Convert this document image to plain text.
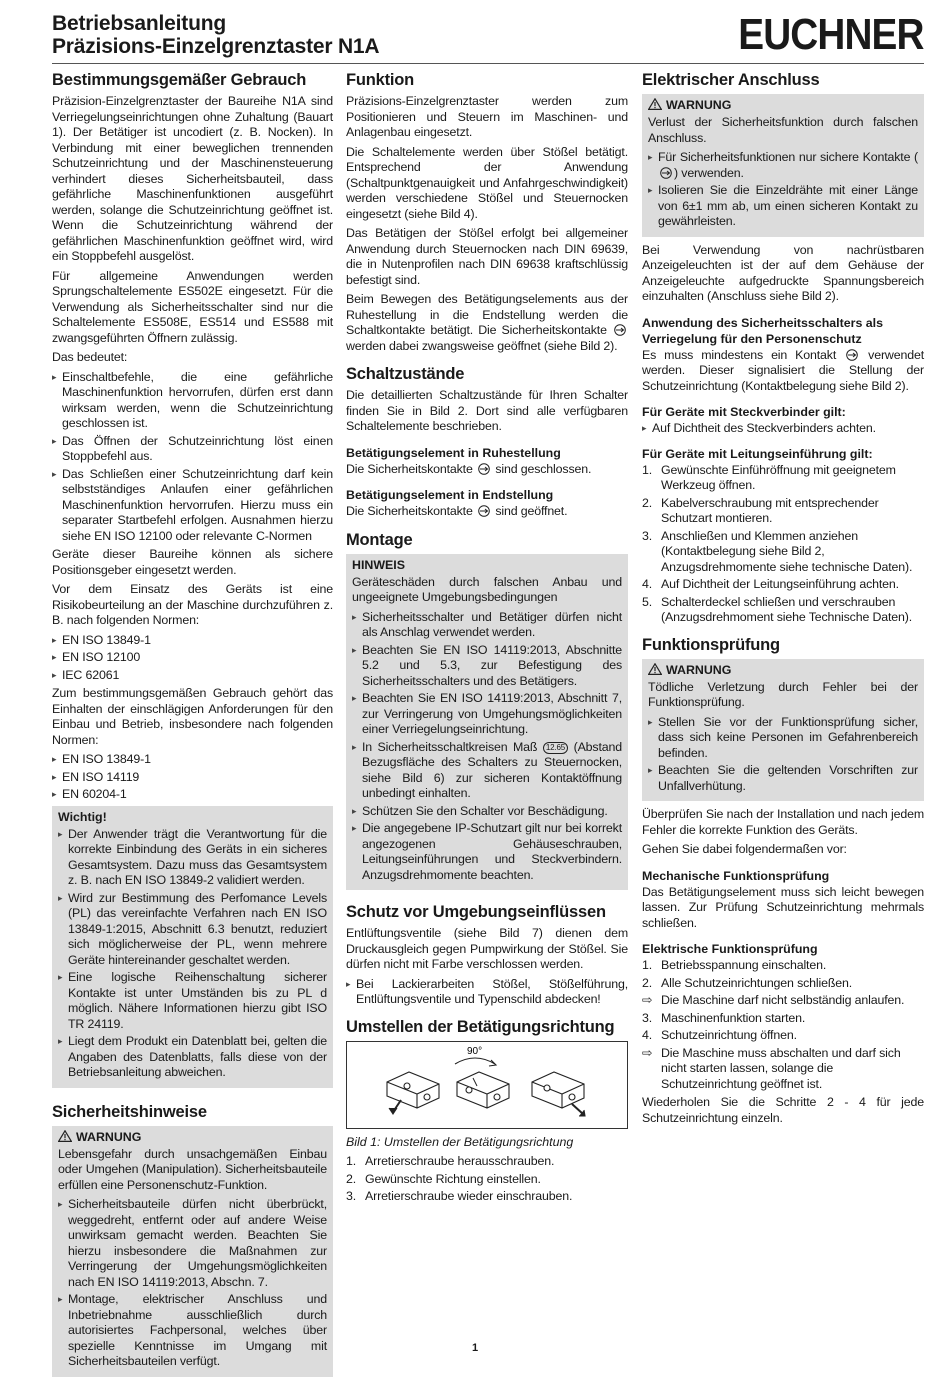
Betriebsanleitung
Präzisions-Einzelgrenztaster N1A	EUCHNER
Bestimmungsgemäßer Gebrauch

Präzision-Einzelgrenztaster der Baureihe N1A sind Verriegelungseinrichtungen ohne Zuhaltung (Bauart 1). Der Betätiger ist uncodiert (z. B. Nocken). In Verbindung mit einer beweglichen trennenden Schutzeinrichtung und der Maschinensteuerung verhindert dieses Sicherheitsbauteil, dass gefährliche Maschinenfunktionen ausgeführt werden, solange die Schutzeinrichtung geöffnet ist. Wenn die Schutzeinrichtung während der gefährlichen Maschinenfunktion geöffnet wird, wird ein Stoppbefehl ausgelöst.

Für allgemeine Anwendungen werden Sprungschaltelemente ES502E eingesetzt. Für die Verwendung als Sicherheitsschalter sind nur die Schaltelemente ES508E, ES514 und ES588 mit zwangsgeführten Öffnern zulässig.

Das bedeutet:

▸ Einschaltbefehle, die eine gefährliche Maschinenfunktion hervorrufen, dürfen erst dann wirksam werden, wenn die Schutzeinrichtung geschlossen ist.
▸ Das Öffnen der Schutzeinrichtung löst einen Stoppbefehl aus.
▸ Das Schließen einer Schutzeinrichtung darf kein selbstständiges Anlaufen einer gefährlichen Maschinenfunktion hervorrufen. Hierzu muss ein separater Startbefehl erfolgen. Ausnahmen hierzu siehe EN ISO 12100 oder relevante C-Normen

Geräte dieser Baureihe können als sichere Positionsgeber eingesetzt werden.

Vor dem Einsatz des Geräts ist eine Risikobeurteilung an der Maschine durchzuführen z. B. nach folgenden Normen:

▸ EN ISO 13849-1
▸ EN ISO 12100
▸ IEC 62061

Zum bestimmungsgemäßen Gebrauch gehört das Einhalten der einschlägigen Anforderungen für den Einbau und Betrieb, insbesondere nach folgenden Normen:

▸ EN ISO 13849-1
▸ EN ISO 14119
▸ EN 60204-1
Wichtig!
▸ Der Anwender trägt die Verantwortung für die korrekte Einbindung des Geräts in ein sicheres Gesamtsystem. Dazu muss das Gesamtsystem z. B. nach EN ISO 13849-2 validiert werden.
▸ Wird zur Bestimmung des Perfomance Levels (PL) das vereinfachte Verfahren nach EN ISO 13849-1:2015, Abschnitt 6.3 benutzt, reduziert sich möglicherweise der PL, wenn mehrere Geräte hintereinander geschaltet werden.
▸ Eine logische Reihenschaltung sicherer Kontakte ist unter Umständen bis zu PL d möglich. Nähere Informationen hierzu gibt ISO TR 24119.
▸ Liegt dem Produkt ein Datenblatt bei, gelten die Angaben des Datenblatts, falls diese von der Betriebsanleitung abweichen.
Sicherheitshinweise
WARNUNG

Lebensgefahr durch unsachgemäßen Einbau oder Umgehen (Manipulation). Sicherheitsbauteile erfüllen eine Personenschutz-Funktion.

▸ Sicherheitsbauteile dürfen nicht überbrückt, weggedreht, entfernt oder auf andere Weise unwirksam gemacht werden. Beachten Sie hierzu insbesondere die Maßnahmen zur Verringerung der Umgehungsmöglichkeiten nach EN ISO 14119:2013, Abschn. 7.
▸ Montage, elektrischer Anschluss und Inbetriebnahme ausschließlich durch autorisiertes Fachpersonal, welches über spezielle Kenntnisse im Umgang mit Sicherheitsbauteilen verfügt.
Funktion

Präzisions-Einzelgrenztaster werden zum Positionieren und Steuern im Maschinen- und Anlagenbau eingesetzt.

Die Schaltelemente werden über Stößel betätigt. Entsprechend der Anwendung (Schaltpunktgenauigkeit und Anfahrgeschwindigkeit) werden verschiedene Stößel und Steuernocken eingesetzt (siehe Bild 4).

Das Betätigen der Stößel erfolgt bei allgemeiner Anwendung durch Steuernocken nach DIN 69639, die in Nutenprofilen nach DIN 69638 kraftschlüssig befestigt sind.

Beim Bewegen des Betätigungselements aus der Ruhestellung in die Endstellung werden die Schaltkontakte betätigt. Die Sicherheitskontakte  werden dabei zwangsweise geöffnet (siehe Bild 2).

Schaltzustände

Die detaillierten Schaltzustände für Ihren Schalter finden Sie in Bild 2. Dort sind alle verfügbaren Schaltelemente beschrieben.

Betätigungselement in Ruhestellung

Die Sicherheitskontakte sind geschlossen.

Betätigungselement in Endstellung

Die Sicherheitskontakte sind geöffnet.

Montage
HINWEIS

Geräteschäden durch falschen Anbau und ungeeignete Umgebungsbedingungen

▸ Sicherheitsschalter und Betätiger dürfen nicht als Anschlag verwendet werden.
▸ Beachten Sie EN ISO 14119:2013, Abschnitte 5.2 und 5.3, zur Befestigung des Sicherheitsschalters und des Betätigers.
▸ Beachten Sie EN ISO 14119:2013, Abschnitt 7, zur Verringerung von Umgehungsmöglichkeiten einer Verriegelungseinrichtung.
▸ In Sicherheitsschaltkreisen Maß 12.65 (Abstand Bezugsfläche des Schalters zu Steuernocken, siehe Bild 6) zur sicheren Kontaktöffnung unbedingt einhalten.
▸ Schützen Sie den Schalter vor Beschädigung.
▸ Die angegebene IP-Schutzart gilt nur bei korrekt angezogenen Gehäuseschrauben, Leitungseinführungen und Steckverbindern. Anzugsdrehmomente beachten.
Schutz vor Umgebungseinflüssen

Entlüftungsventile (siehe Bild 7) dienen dem Druckausgleich gegen Pumpwirkung der Stößel. Sie dürfen nicht mit Farbe verschlossen werden.

▸ Bei Lackierarbeiten Stößel, Stößelführung, Entlüftungsventile und Typenschild abdecken!
Umstellen der Betätigungsrichtung
90°
Bild 1: Umstellen der Betätigungsrichtung
1. Arretierschraube herausschrauben.
2. Gewünschte Richtung einstellen.
3. Arretierschraube wieder einschrauben.
Elektrischer Anschluss
WARNUNG

Verlust der Sicherheitsfunktion durch falschen Anschluss.

▸ Für Sicherheitsfunktionen nur sichere Kontakte () verwenden.
▸ Isolieren Sie die Einzeldrähte mit einer Länge von 6±1 mm ab, um einen sicheren Kontakt zu gewährleisten.

Bei Verwendung von nachrüstbaren Anzeigeleuchten ist der auf dem Gehäuse der Anzeigeleuchte aufgedruckte Spannungsbereich einzuhalten (Anschluss siehe Bild 2).

Anwendung des Sicherheitsschalters als Verriegelung für den Personenschutz

Es muss mindestens ein Kontakt	verwendet werden. Dieser signalisiert die Stellung der Schutzeinrichtung (Kontaktbelegung siehe Bild 2).

Für Geräte mit Steckverbinder gilt:
▸ Auf Dichtheit des Steckverbinders achten.
Für Geräte mit Leitungseinführung gilt:
1. Gewünschte Einführöffnung mit geeignetem Werkzeug öffnen.
2. Kabelverschraubung mit entsprechender Schutzart montieren.
3. Anschließen und Klemmen anziehen (Kontaktbelegung siehe Bild 2, Anzugsdrehmomente siehe technische Daten).
4. Auf Dichtheit der Leitungseinführung achten.
5. Schalterdeckel schließen und verschrauben (Anzugsdrehmoment siehe Technische Daten).
Funktionsprüfung
WARNUNG

Tödliche Verletzung durch Fehler bei der Funktionsprüfung.

▸ Stellen Sie vor der Funktionsprüfung sicher, dass sich keine Personen im Gefahrenbereich befinden.
▸ Beachten Sie die geltenden Vorschriften zur Unfallverhütung.

Überprüfen Sie nach der Installation und nach jedem Fehler die korrekte Funktion des Geräts.

Gehen Sie dabei folgendermaßen vor:

Mechanische Funktionsprüfung

Das Betätigungselement muss sich leicht bewegen lassen. Zur Prüfung Schutzeinrichtung mehrmals schließen.

Elektrische Funktionsprüfung
1. Betriebsspannung einschalten.
2. Alle Schutzeinrichtungen schließen.
⇨ Die Maschine darf nicht selbständig anlaufen.
3. Maschinenfunktion starten.
4. Schutzeinrichtung öffnen.
⇨ Die Maschine muss abschalten und darf sich nicht starten lassen, solange die Schutzeinrichtung geöffnet ist.

Wiederholen Sie die Schritte 2 - 4 für jede Schutzeinrichtung einzeln.

1
